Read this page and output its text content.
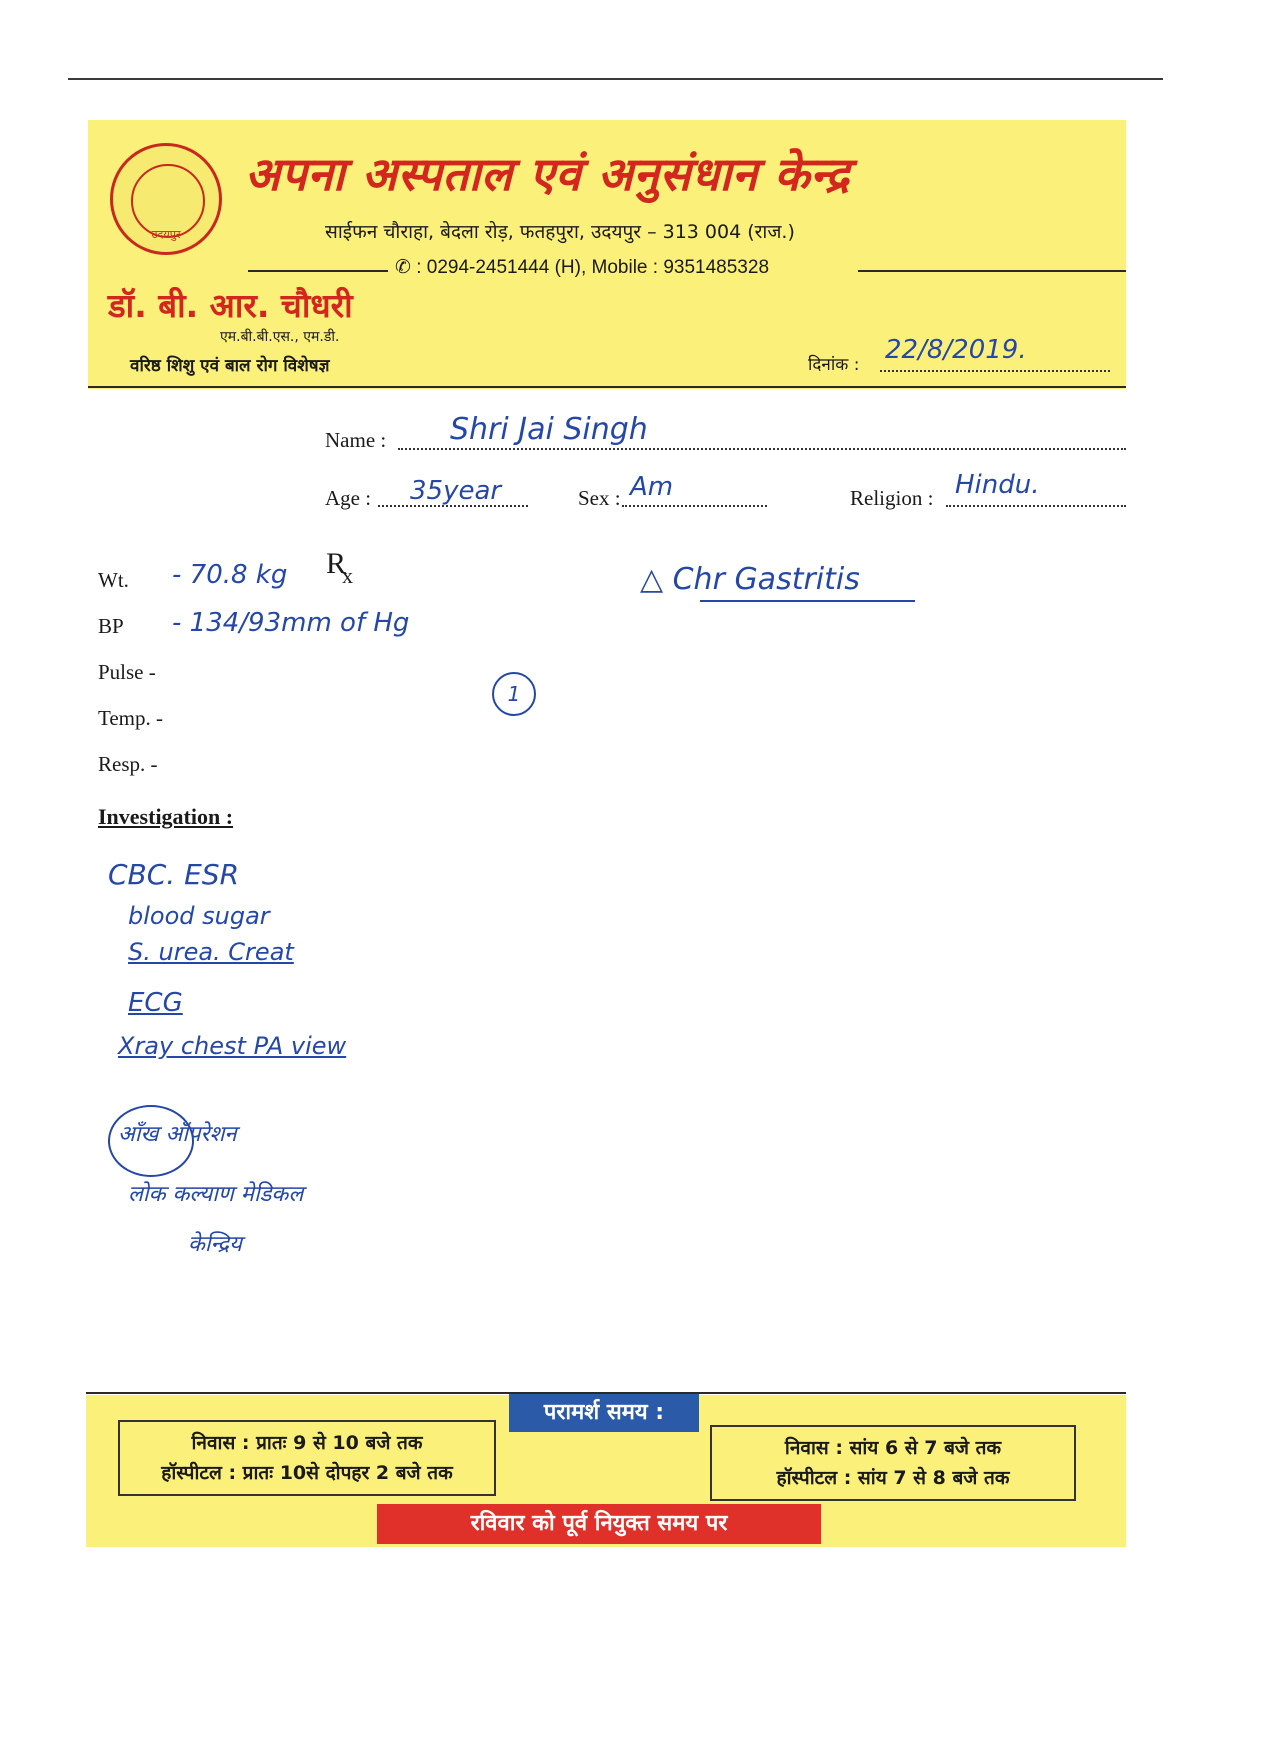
उदयपुर
अपना अस्पताल एवं अनुसंधान केन्द्र
साईफन चौराहा, बेदला रोड़, फतहपुरा, उदयपुर – 313 004 (राज.)
✆ : 0294-2451444 (H), Mobile : 9351485328
डॉ. बी. आर. चौधरी
एम.बी.बी.एस., एम.डी.
वरिष्ठ शिशु एवं बाल रोग विशेषज्ञ	दिनांक : 22/8/2019.
Name : Shri Jai Singh
Age : 35year	Sex : Am	Religion : Hindu.
Wt. - 70.8 kg
BP - 134/93mm of Hg
Pulse -
Temp. -
Resp. -
$R_x$	△ Chr Gastritis
1
Investigation :
CBC. ESR
blood sugar
S. urea. Creat
ECG
Xray chest PA view
आँख ऑपरेशन
लोक कल्याण मेडिकल
केन्द्रिय
परामर्श समय :
निवास : प्रातः 9 से 10 बजे तक
हॉस्पीटल : प्रातः 10से दोपहर 2 बजे तक
निवास : सांय 6 से 7 बजे तक
हॉस्पीटल : सांय 7 से 8 बजे तक
रविवार को पूर्व नियुक्त समय पर
